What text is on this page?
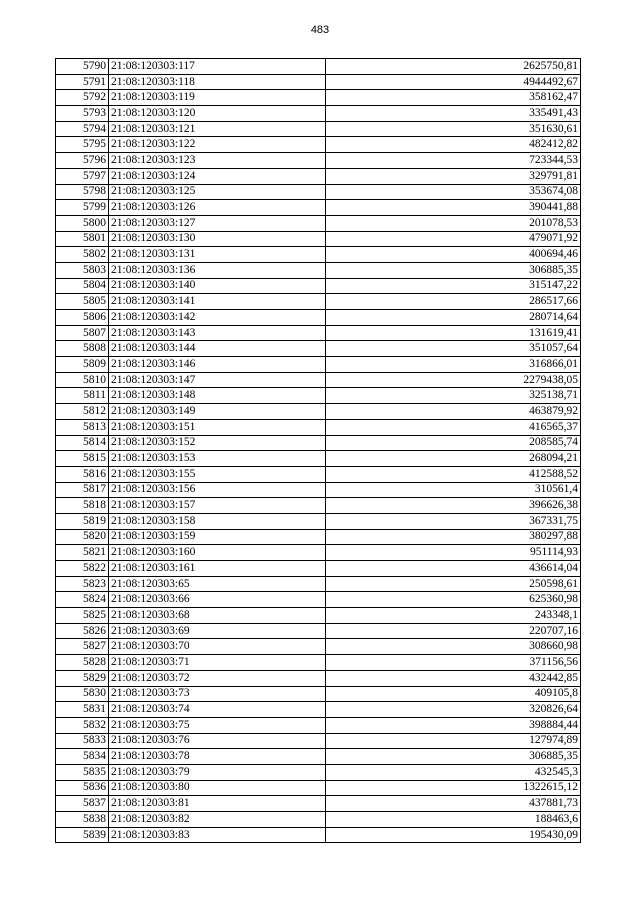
483
5790	21:08:120303:117	2625750,81
5791	21:08:120303:118	4944492,67
5792	21:08:120303:119	358162,47
5793	21:08:120303:120	335491,43
5794	21:08:120303:121	351630,61
5795	21:08:120303:122	482412,82
5796	21:08:120303:123	723344,53
5797	21:08:120303:124	329791,81
5798	21:08:120303:125	353674,08
5799	21:08:120303:126	390441,88
5800	21:08:120303:127	201078,53
5801	21:08:120303:130	479071,92
5802	21:08:120303:131	400694,46
5803	21:08:120303:136	306885,35
5804	21:08:120303:140	315147,22
5805	21:08:120303:141	286517,66
5806	21:08:120303:142	280714,64
5807	21:08:120303:143	131619,41
5808	21:08:120303:144	351057,64
5809	21:08:120303:146	316866,01
5810	21:08:120303:147	2279438,05
5811	21:08:120303:148	325138,71
5812	21:08:120303:149	463879,92
5813	21:08:120303:151	416565,37
5814	21:08:120303:152	208585,74
5815	21:08:120303:153	268094,21
5816	21:08:120303:155	412588,52
5817	21:08:120303:156	310561,4
5818	21:08:120303:157	396626,38
5819	21:08:120303:158	367331,75
5820	21:08:120303:159	380297,88
5821	21:08:120303:160	951114,93
5822	21:08:120303:161	436614,04
5823	21:08:120303:65	250598,61
5824	21:08:120303:66	625360,98
5825	21:08:120303:68	243348,1
5826	21:08:120303:69	220707,16
5827	21:08:120303:70	308660,98
5828	21:08:120303:71	371156,56
5829	21:08:120303:72	432442,85
5830	21:08:120303:73	409105,8
5831	21:08:120303:74	320826,64
5832	21:08:120303:75	398884,44
5833	21:08:120303:76	127974,89
5834	21:08:120303:78	306885,35
5835	21:08:120303:79	432545,3
5836	21:08:120303:80	1322615,12
5837	21:08:120303:81	437881,73
5838	21:08:120303:82	188463,6
5839	21:08:120303:83	195430,09
